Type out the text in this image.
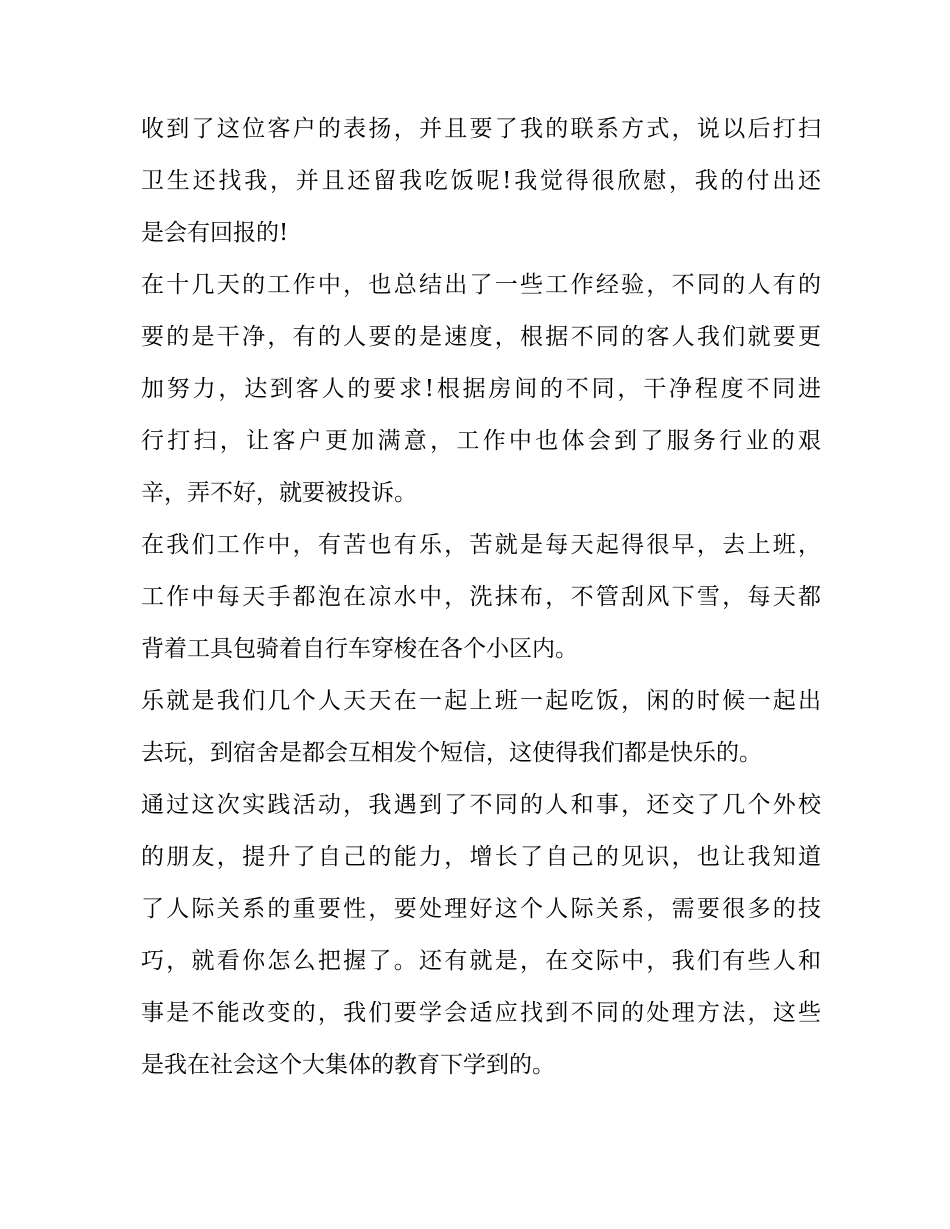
收到了这位客户的表扬，并且要了我的联系方式，说以后打扫
卫生还找我，并且还留我吃饭呢!我觉得很欣慰，我的付出还
是会有回报的!
在十几天的工作中，也总结出了一些工作经验，不同的人有的
要的是干净，有的人要的是速度，根据不同的客人我们就要更
加努力，达到客人的要求!根据房间的不同，干净程度不同进
行打扫，让客户更加满意，工作中也体会到了服务行业的艰
辛，弄不好，就要被投诉。
在我们工作中，有苦也有乐，苦就是每天起得很早，去上班，
工作中每天手都泡在凉水中，洗抹布，不管刮风下雪，每天都
背着工具包骑着自行车穿梭在各个小区内。
乐就是我们几个人天天在一起上班一起吃饭，闲的时候一起出
去玩，到宿舍是都会互相发个短信，这使得我们都是快乐的。
通过这次实践活动，我遇到了不同的人和事，还交了几个外校
的朋友，提升了自己的能力，增长了自己的见识，也让我知道
了人际关系的重要性，要处理好这个人际关系，需要很多的技
巧，就看你怎么把握了。还有就是，在交际中，我们有些人和
事是不能改变的，我们要学会适应找到不同的处理方法，这些
是我在社会这个大集体的教育下学到的。
